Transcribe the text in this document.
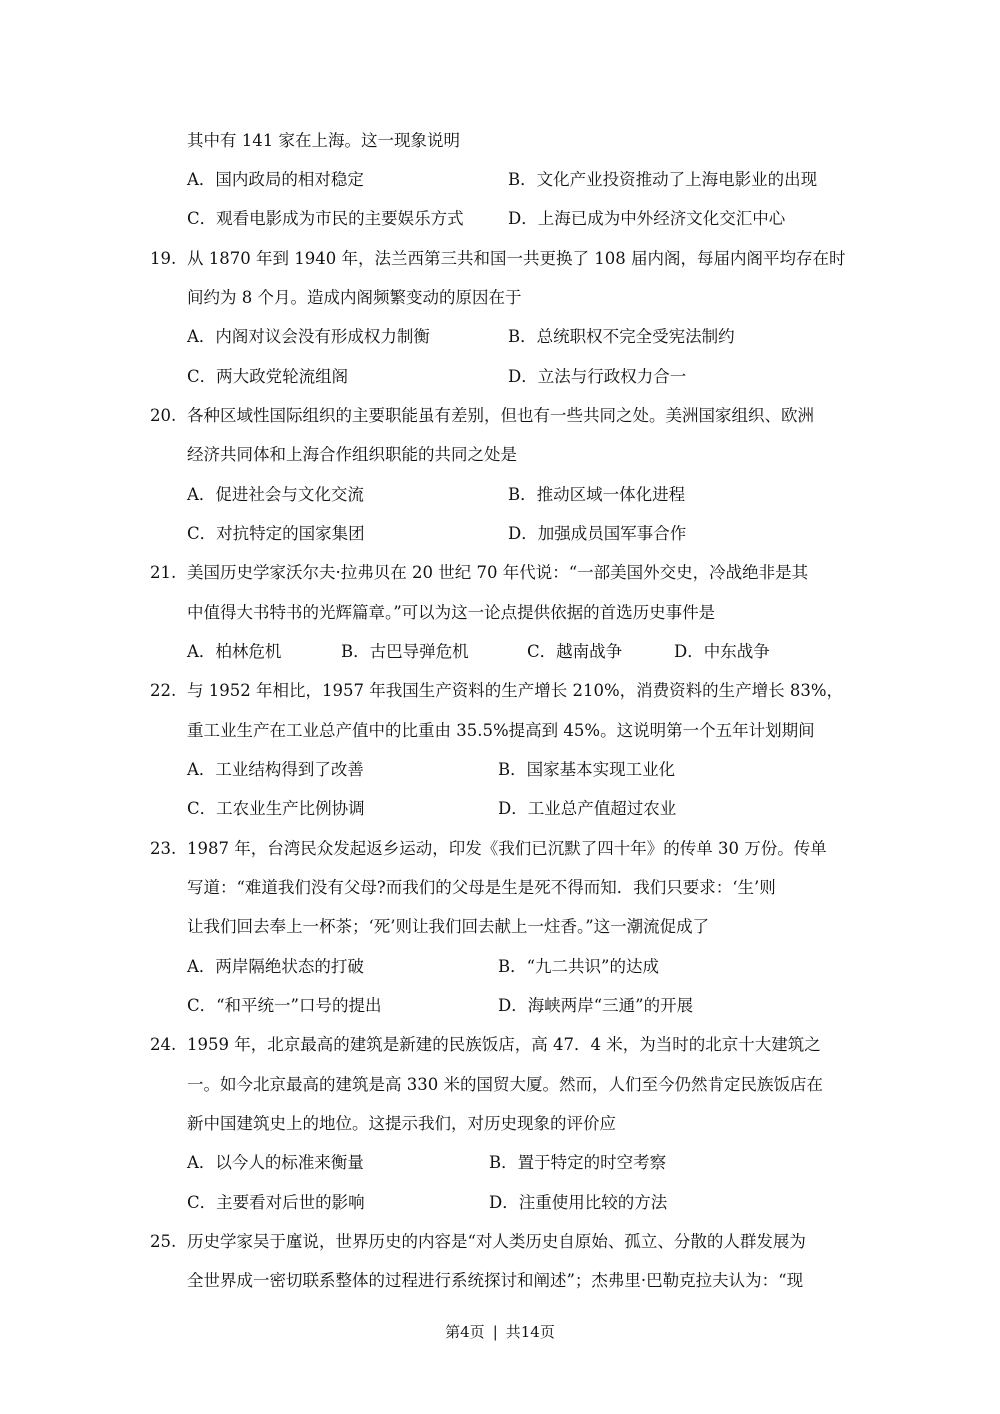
其中有 141 家在上海。这一现象说明
A．国内政局的相对稳定	B．文化产业投资推动了上海电影业的出现
C．观看电影成为市民的主要娱乐方式	D．上海已成为中外经济文化交汇中心
19. 从 1870 年到 1940 年，法兰西第三共和国一共更换了 108 届内阁，每届内阁平均存在时
间约为 8 个月。造成内阁频繁变动的原因在于
A．内阁对议会没有形成权力制衡	B．总统职权不完全受宪法制约
C．两大政党轮流组阁	D．立法与行政权力合一
20. 各种区域性国际组织的主要职能虽有差别，但也有一些共同之处。美洲国家组织、欧洲
经济共同体和上海合作组织职能的共同之处是
A．促进社会与文化交流	B．推动区域一体化进程
C．对抗特定的国家集团	D．加强成员国军事合作
21. 美国历史学家沃尔夫·拉弗贝在 20 世纪 70 年代说：“一部美国外交史，冷战绝非是其
中值得大书特书的光辉篇章。”可以为这一论点提供依据的首选历史事件是
A．柏林危机	B．古巴导弹危机	C．越南战争	D．中东战争
22. 与 1952 年相比，1957 年我国生产资料的生产增长 210%，消费资料的生产增长 83%，
重工业生产在工业总产值中的比重由 35.5%提高到 45%。这说明第一个五年计划期间
A．工业结构得到了改善	B．国家基本实现工业化
C．工农业生产比例协调	D．工业总产值超过农业
23. 1987 年，台湾民众发起返乡运动，印发《我们已沉默了四十年》的传单 30 万份。传单
写道：“难道我们没有父母?而我们的父母是生是死不得而知．我们只要求：‘生’则
让我们回去奉上一杯茶；‘死’则让我们回去献上一炷香。”这一潮流促成了
A．两岸隔绝状态的打破	B．“九二共识”的达成
C．“和平统一”口号的提出	D．海峡两岸“三通”的开展
24. 1959 年，北京最高的建筑是新建的民族饭店，高 47．4 米，为当时的北京十大建筑之
一。如今北京最高的建筑是高 330 米的国贸大厦。然而，人们至今仍然肯定民族饭店在
新中国建筑史上的地位。这提示我们，对历史现象的评价应
A．以今人的标准来衡量	B．置于特定的时空考察
C．主要看对后世的影响	D．注重使用比较的方法
25. 历史学家吴于廑说，世界历史的内容是“对人类历史自原始、孤立、分散的人群发展为
全世界成一密切联系整体的过程进行系统探讨和阐述”；杰弗里·巴勒克拉夫认为：“现
第4页 | 共14页
